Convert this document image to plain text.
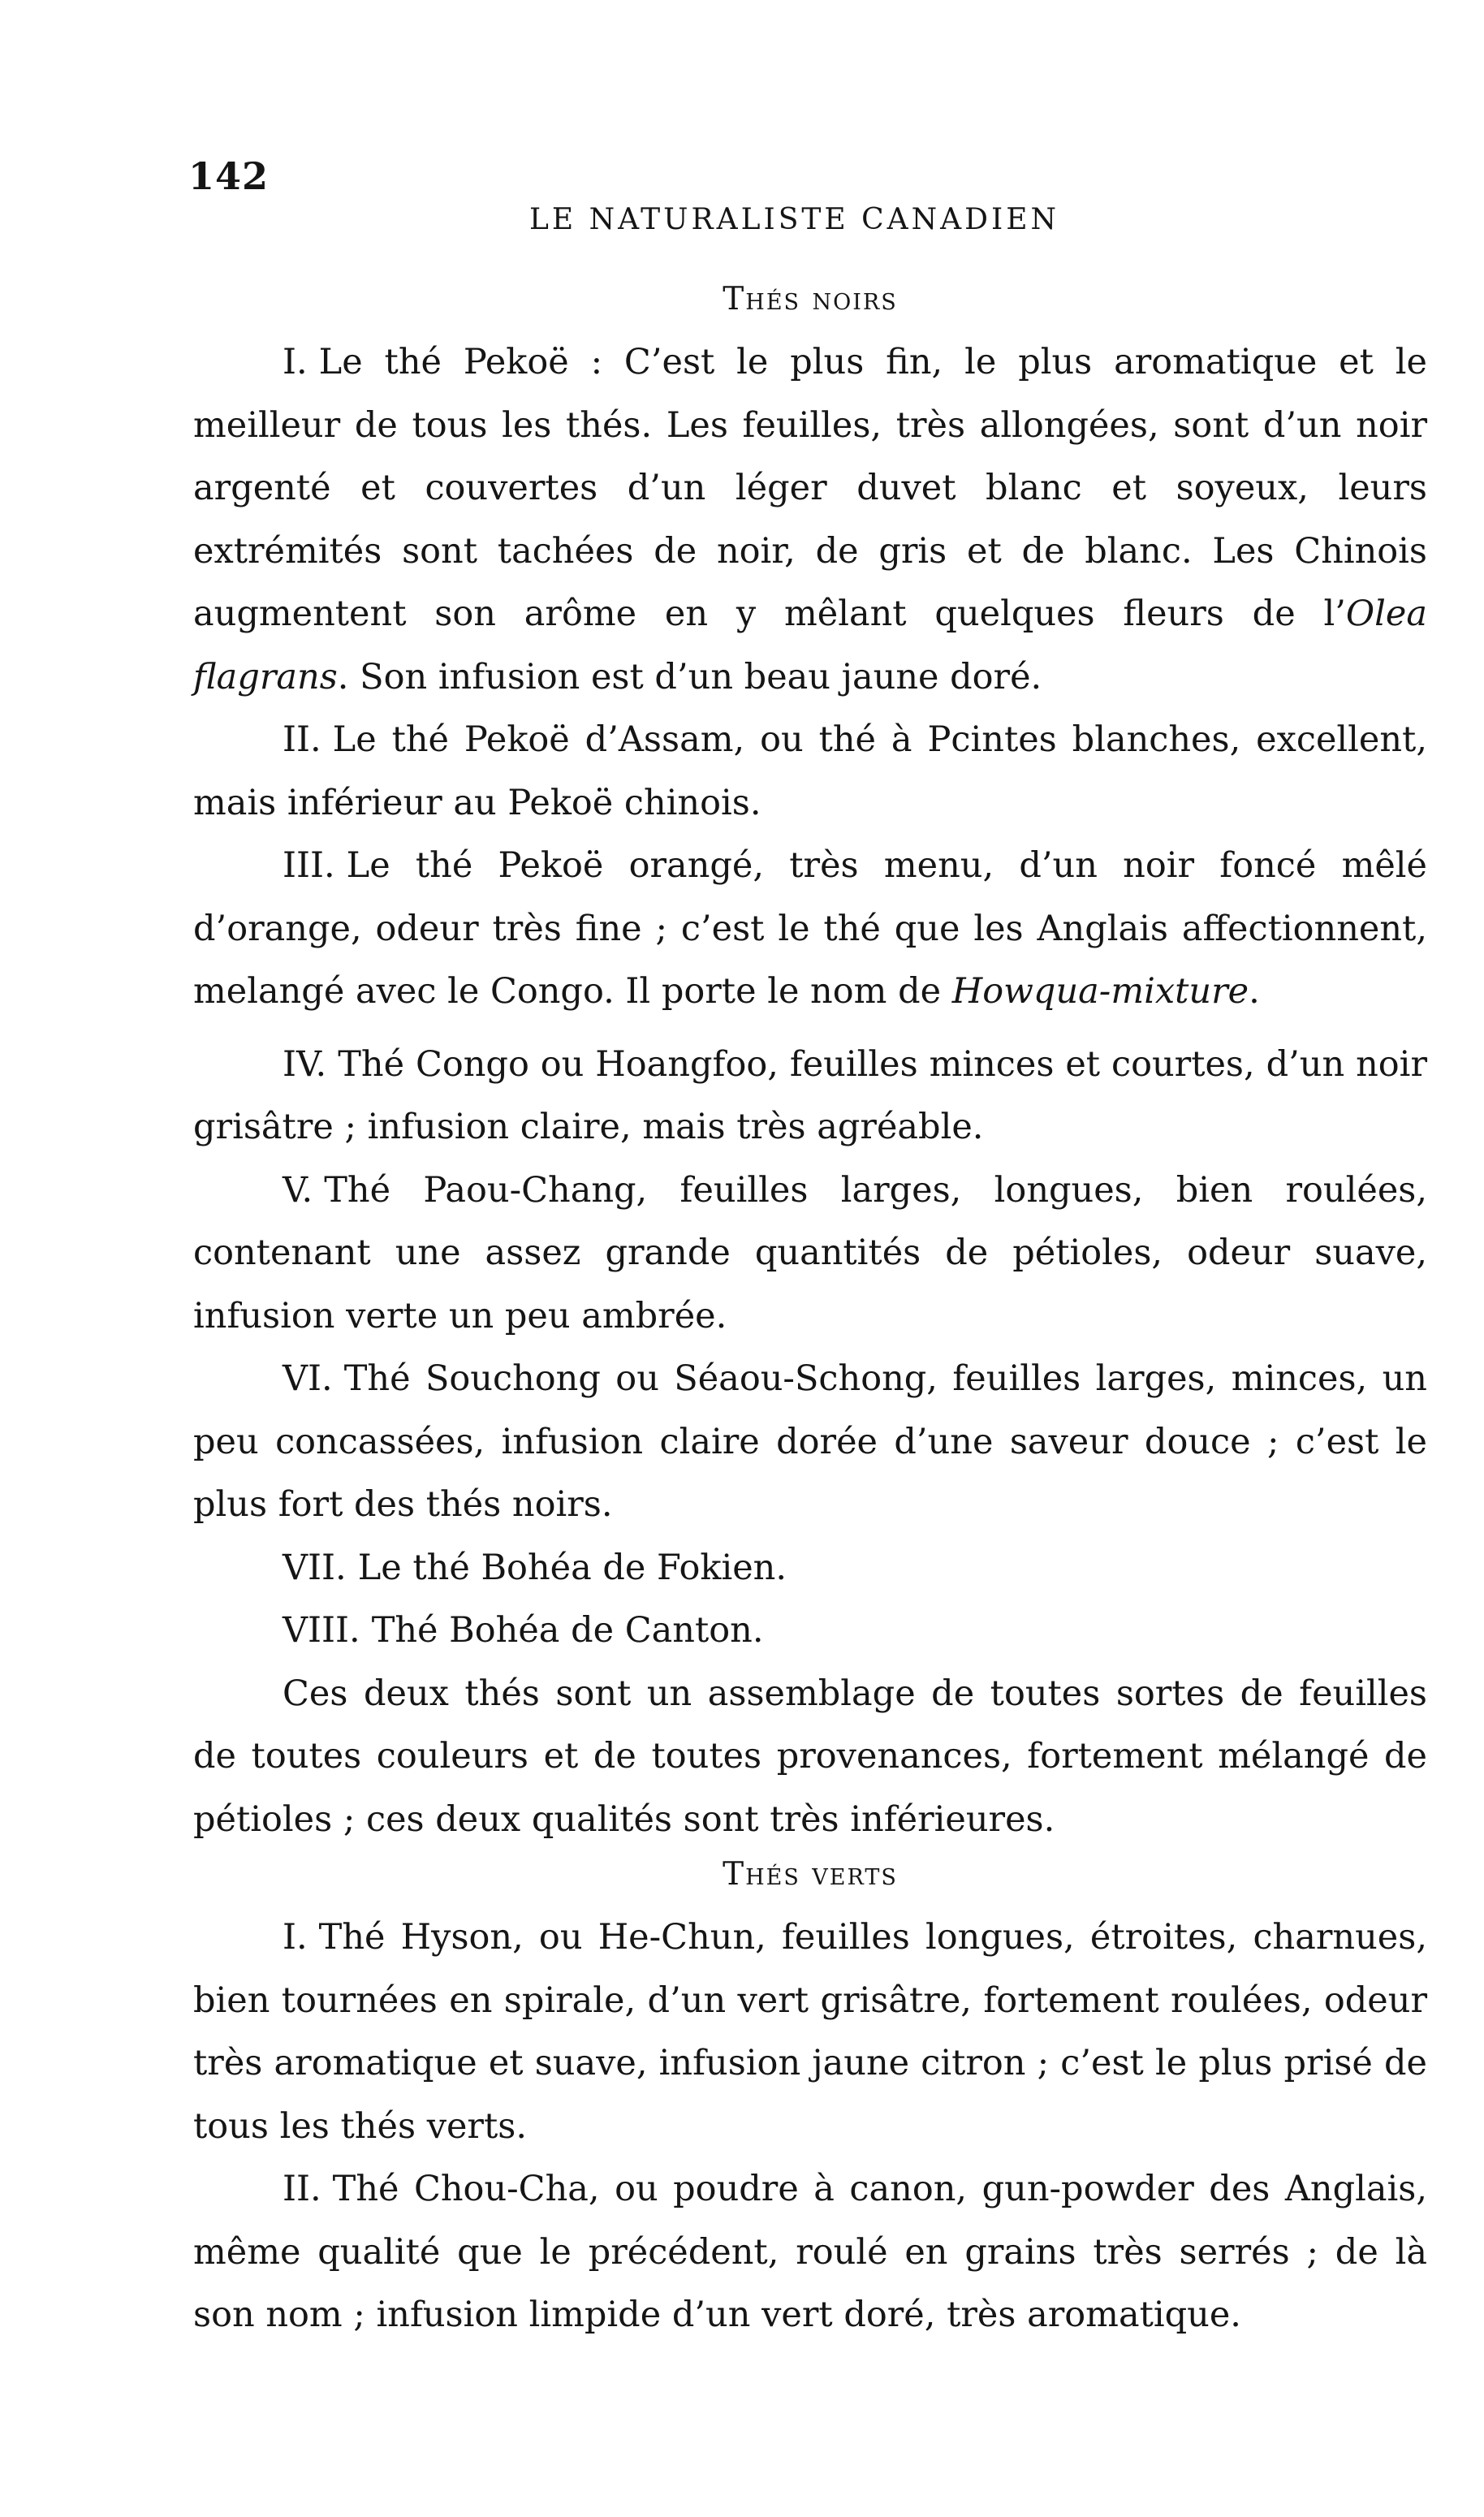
142
LE NATURALISTE CANADIEN
Thés noirs

I. Le thé Pekoë : C’est le plus fin, le plus aromatique et le meilleur de tous les thés. Les feuilles, très allongées, sont d’un noir argenté et couvertes d’un léger duvet blanc et soyeux, leurs extrémités sont tachées de noir, de gris et de blanc. Les Chinois augmentent son arôme en y mêlant quelques fleurs de l’Olea flagrans. Son infusion est d’un beau jaune doré.

II. Le thé Pekoë d’Assam, ou thé à Pcintes blanches, excellent, mais inférieur au Pekoë chinois.

III. Le thé Pekoë orangé, très menu, d’un noir foncé mêlé d’orange, odeur très fine ; c’est le thé que les Anglais affectionnent, melangé avec le Congo. Il porte le nom de Howqua-mixture.

IV. Thé Congo ou Hoangfoo, feuilles minces et courtes, d’un noir grisâtre ; infusion claire, mais très agréable.

V. Thé Paou-Chang, feuilles larges, longues, bien roulées, contenant une assez grande quantités de pétioles, odeur suave, infusion verte un peu ambrée.

VI. Thé Souchong ou Séaou-Schong, feuilles larges, minces, un peu concassées, infusion claire dorée d’une saveur douce ; c’est le plus fort des thés noirs.

VII. Le thé Bohéa de Fokien.

VIII. Thé Bohéa de Canton.

Ces deux thés sont un assemblage de toutes sortes de feuilles de toutes couleurs et de toutes provenances, fortement mélangé de pétioles ; ces deux qualités sont très inférieures.

Thés verts

I. Thé Hyson, ou He-Chun, feuilles longues, étroites, charnues, bien tournées en spirale, d’un vert grisâtre, fortement roulées, odeur très aromatique et suave, infusion jaune citron ; c’est le plus prisé de tous les thés verts.

II. Thé Chou-Cha, ou poudre à canon, gun-powder des Anglais, même qualité que le précédent, roulé en grains très serrés ; de là son nom ; infusion limpide d’un vert doré, très aromatique.
